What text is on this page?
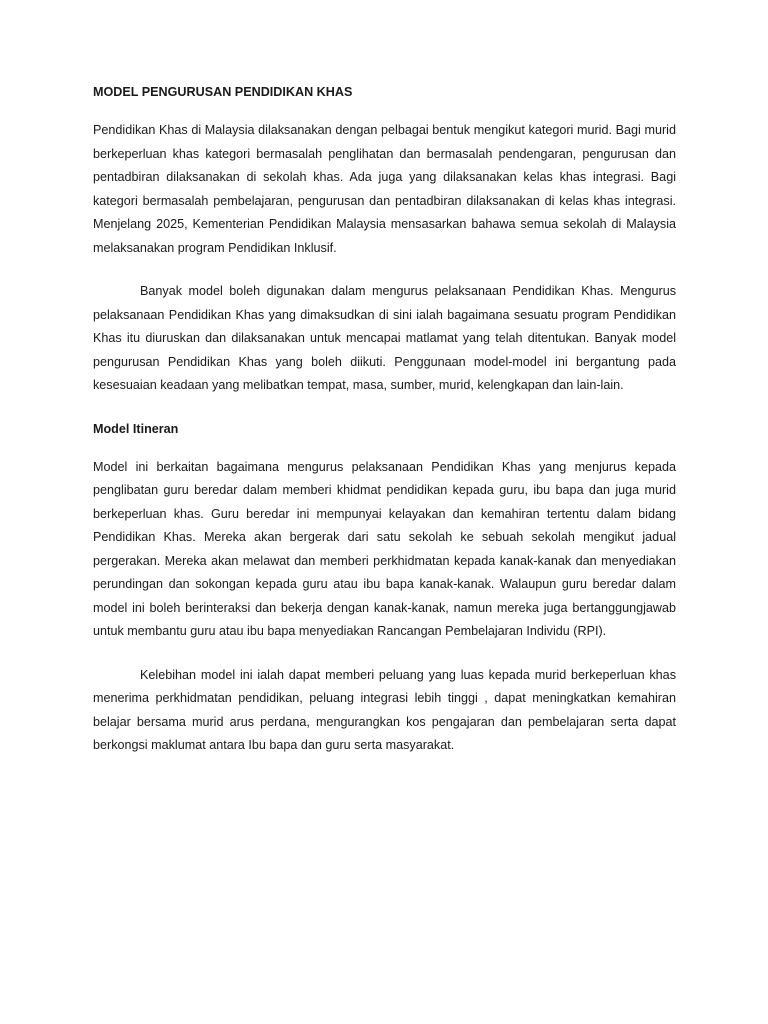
MODEL PENGURUSAN PENDIDIKAN KHAS

Pendidikan Khas di Malaysia dilaksanakan dengan pelbagai bentuk mengikut kategori murid. Bagi murid berkeperluan khas kategori bermasalah penglihatan dan bermasalah pendengaran, pengurusan dan pentadbiran dilaksanakan di sekolah khas. Ada juga yang dilaksanakan kelas khas integrasi. Bagi kategori bermasalah pembelajaran, pengurusan dan pentadbiran dilaksanakan di kelas khas integrasi. Menjelang 2025, Kementerian Pendidikan Malaysia mensasarkan bahawa semua sekolah di Malaysia melaksanakan program Pendidikan Inklusif.

Banyak model boleh digunakan dalam mengurus pelaksanaan Pendidikan Khas. Mengurus pelaksanaan Pendidikan Khas yang dimaksudkan di sini ialah bagaimana sesuatu program Pendidikan Khas itu diuruskan dan dilaksanakan untuk mencapai matlamat yang telah ditentukan. Banyak model pengurusan Pendidikan Khas yang boleh diikuti. Penggunaan model-model ini bergantung pada kesesuaian keadaan yang melibatkan tempat, masa, sumber, murid, kelengkapan dan lain-lain.

Model Itineran

Model ini berkaitan bagaimana mengurus pelaksanaan Pendidikan Khas yang menjurus kepada penglibatan guru beredar dalam memberi khidmat pendidikan kepada guru, ibu bapa dan juga murid berkeperluan khas. Guru beredar ini mempunyai kelayakan dan kemahiran tertentu dalam bidang Pendidikan Khas. Mereka akan bergerak dari satu sekolah ke sebuah sekolah mengikut jadual pergerakan. Mereka akan melawat dan memberi perkhidmatan kepada kanak-kanak dan menyediakan perundingan dan sokongan kepada guru atau ibu bapa kanak-kanak. Walaupun guru beredar dalam model ini boleh berinteraksi dan bekerja dengan kanak-kanak, namun mereka juga bertanggungjawab untuk membantu guru atau ibu bapa menyediakan Rancangan Pembelajaran Individu (RPI).

Kelebihan model ini ialah dapat memberi peluang yang luas kepada murid berkeperluan khas menerima perkhidmatan pendidikan, peluang integrasi lebih tinggi , dapat meningkatkan kemahiran belajar bersama murid arus perdana, mengurangkan kos pengajaran dan pembelajaran serta dapat berkongsi maklumat antara Ibu bapa dan guru serta masyarakat.
